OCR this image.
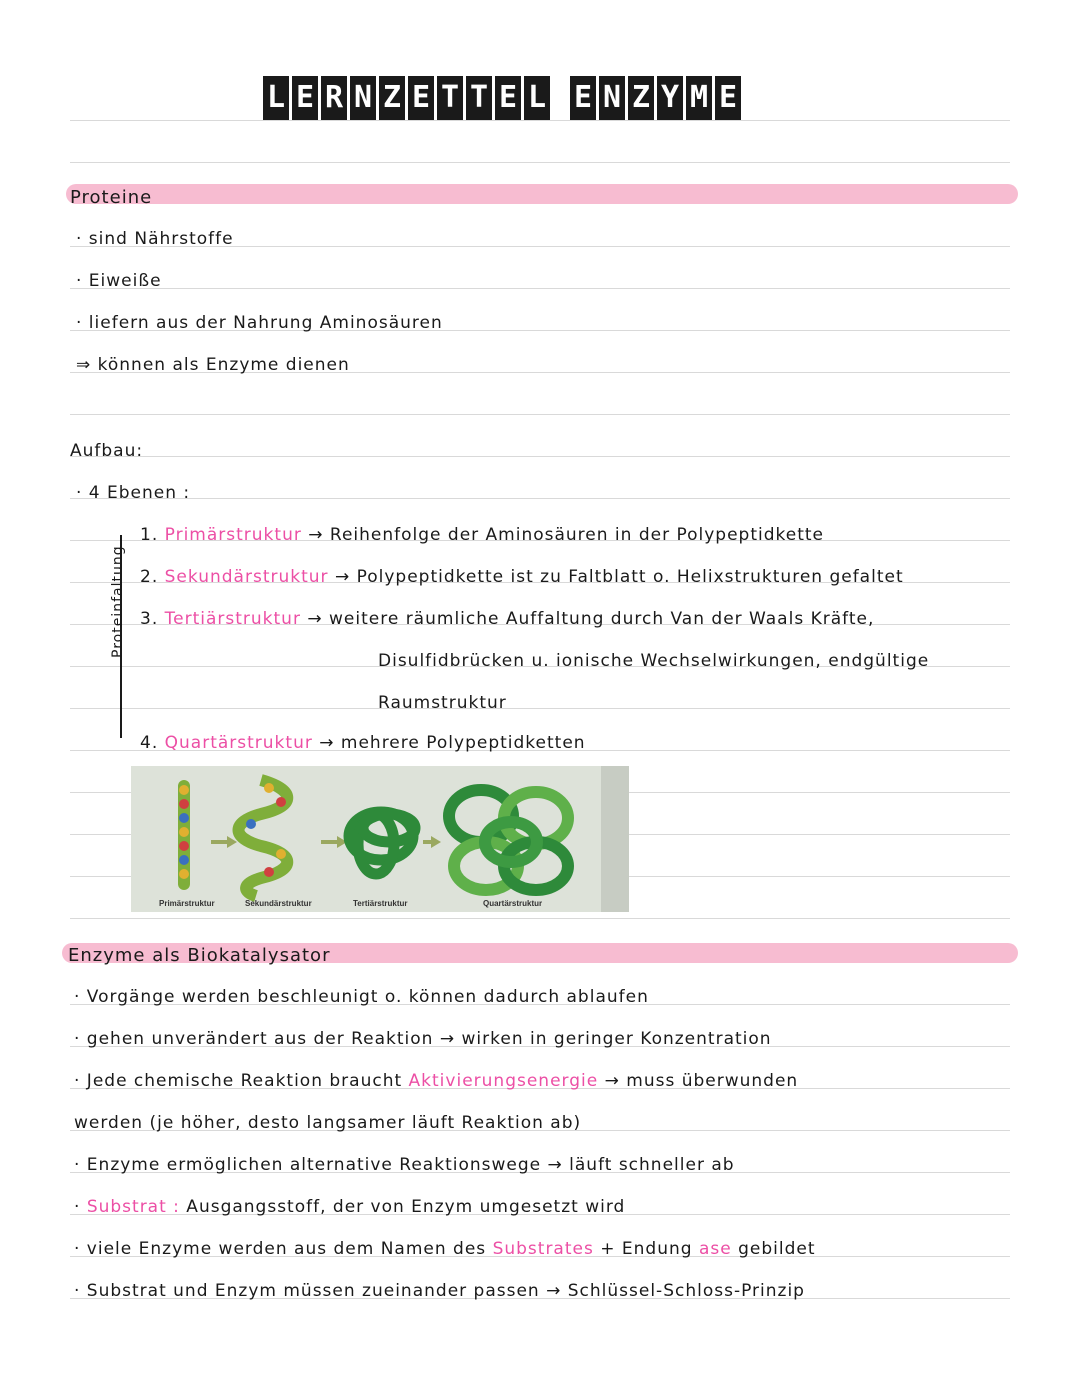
L E R N Z E T T E L E N Z Y M E
Proteine
· sind Nährstoffe
· Eiweiße
· liefern aus der Nahrung Aminosäuren
⇒ können als Enzyme dienen
Aufbau:
· 4 Ebenen :
Proteinfaltung
1. Primärstruktur → Reihenfolge der Aminosäuren in der Polypeptidkette
2. Sekundärstruktur → Polypeptidkette ist zu Faltblatt o. Helixstrukturen gefaltet
3. Tertiärstruktur → weitere räumliche Auffaltung durch Van der Waals Kräfte,
Disulfidbrücken u. ionische Wechselwirkungen, endgültige
Raumstruktur
4. Quartärstruktur → mehrere Polypeptidketten
Primärstruktur	Sekundärstruktur	Tertiärstruktur	Quartärstruktur
Enzyme als Biokatalysator
· Vorgänge werden beschleunigt o. können dadurch ablaufen
· gehen unverändert aus der Reaktion → wirken in geringer Konzentration
· Jede chemische Reaktion braucht Aktivierungsenergie → muss überwunden
werden (je höher, desto langsamer läuft Reaktion ab)
· Enzyme ermöglichen alternative Reaktionswege → läuft schneller ab
· Substrat : Ausgangsstoff, der von Enzym umgesetzt wird
· viele Enzyme werden aus dem Namen des Substrates + Endung ase gebildet
· Substrat und Enzym müssen zueinander passen → Schlüssel-Schloss-Prinzip
